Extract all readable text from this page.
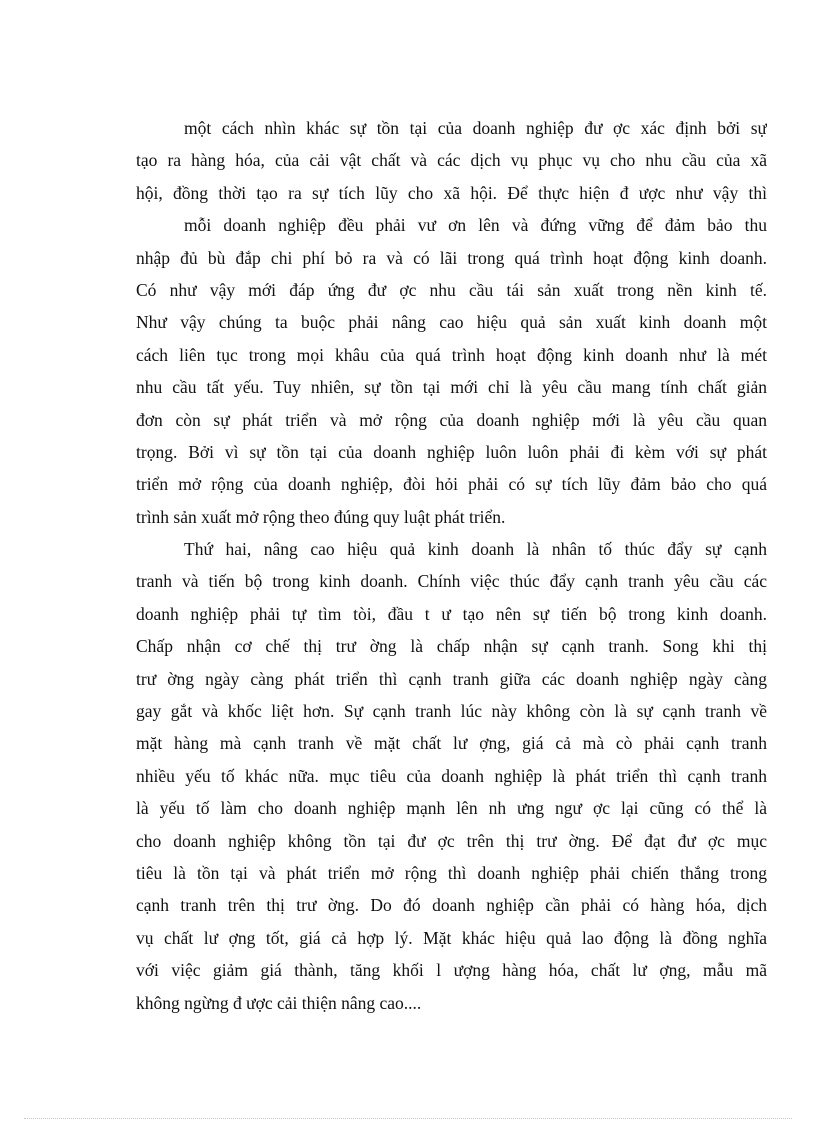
một cách nhìn khác sự tồn tại của doanh nghiệp đư ợc xác định bởi sự
tạo ra hàng hóa, của cải vật chất và các dịch vụ phục vụ cho nhu cầu của xã
hội, đồng thời tạo ra sự tích lũy cho xã hội. Để thực hiện đ ược như vậy thì
mỗi doanh nghiệp đều phải vư ơn lên và đứng vững để đảm bảo thu
nhập đủ bù đắp chi phí bỏ ra và có lãi trong quá trình hoạt động kinh doanh.
Có như vậy mới đáp ứng đư ợc nhu cầu tái sản xuất trong nền kinh tế.
Như vậy chúng ta buộc phải nâng cao hiệu quả sản xuất kinh doanh một
cách liên tục trong mọi khâu của quá trình hoạt động kinh doanh như là mét
nhu cầu tất yếu. Tuy nhiên, sự tồn tại mới chỉ là yêu cầu mang tính chất giản
đơn còn sự phát triển và mở rộng của doanh nghiệp mới là yêu cầu quan
trọng. Bởi vì sự tồn tại của doanh nghiệp luôn luôn phải đi kèm với sự phát
triển mở rộng của doanh nghiệp, đòi hỏi phải có sự tích lũy đảm bảo cho quá
trình sản xuất mở rộng theo đúng quy luật phát triển.
Thứ hai, nâng cao hiệu quả kinh doanh là nhân tố thúc đẩy sự cạnh
tranh và tiến bộ trong kinh doanh. Chính việc thúc đẩy cạnh tranh yêu cầu các
doanh nghiệp phải tự tìm tòi, đầu t ư tạo nên sự tiến bộ trong kinh doanh.
Chấp nhận cơ chế thị trư ờng là chấp nhận sự cạnh tranh. Song khi thị
trư ờng ngày càng phát triển thì cạnh tranh giữa các doanh nghiệp ngày càng
gay gắt và khốc liệt hơn. Sự cạnh tranh lúc này không còn là sự cạnh tranh về
mặt hàng mà cạnh tranh về mặt chất lư ợng, giá cả mà cò phải cạnh tranh
nhiều yếu tố khác nữa. mục tiêu của doanh nghiệp là phát triển thì cạnh tranh
là yếu tố làm cho doanh nghiệp mạnh lên nh ưng ngư ợc lại cũng có thể là
cho doanh nghiệp không tồn tại đư ợc trên thị trư ờng. Để đạt đư ợc mục
tiêu là tồn tại và phát triển mở rộng thì doanh nghiệp phải chiến thắng trong
cạnh tranh trên thị trư ờng. Do đó doanh nghiệp cần phải có hàng hóa, dịch
vụ chất lư ợng tốt, giá cả hợp lý. Mặt khác hiệu quả lao động là đồng nghĩa
với việc giảm giá thành, tăng khối l ượng hàng hóa, chất lư ợng, mẫu mã
không ngừng đ ược cải thiện nâng cao....
